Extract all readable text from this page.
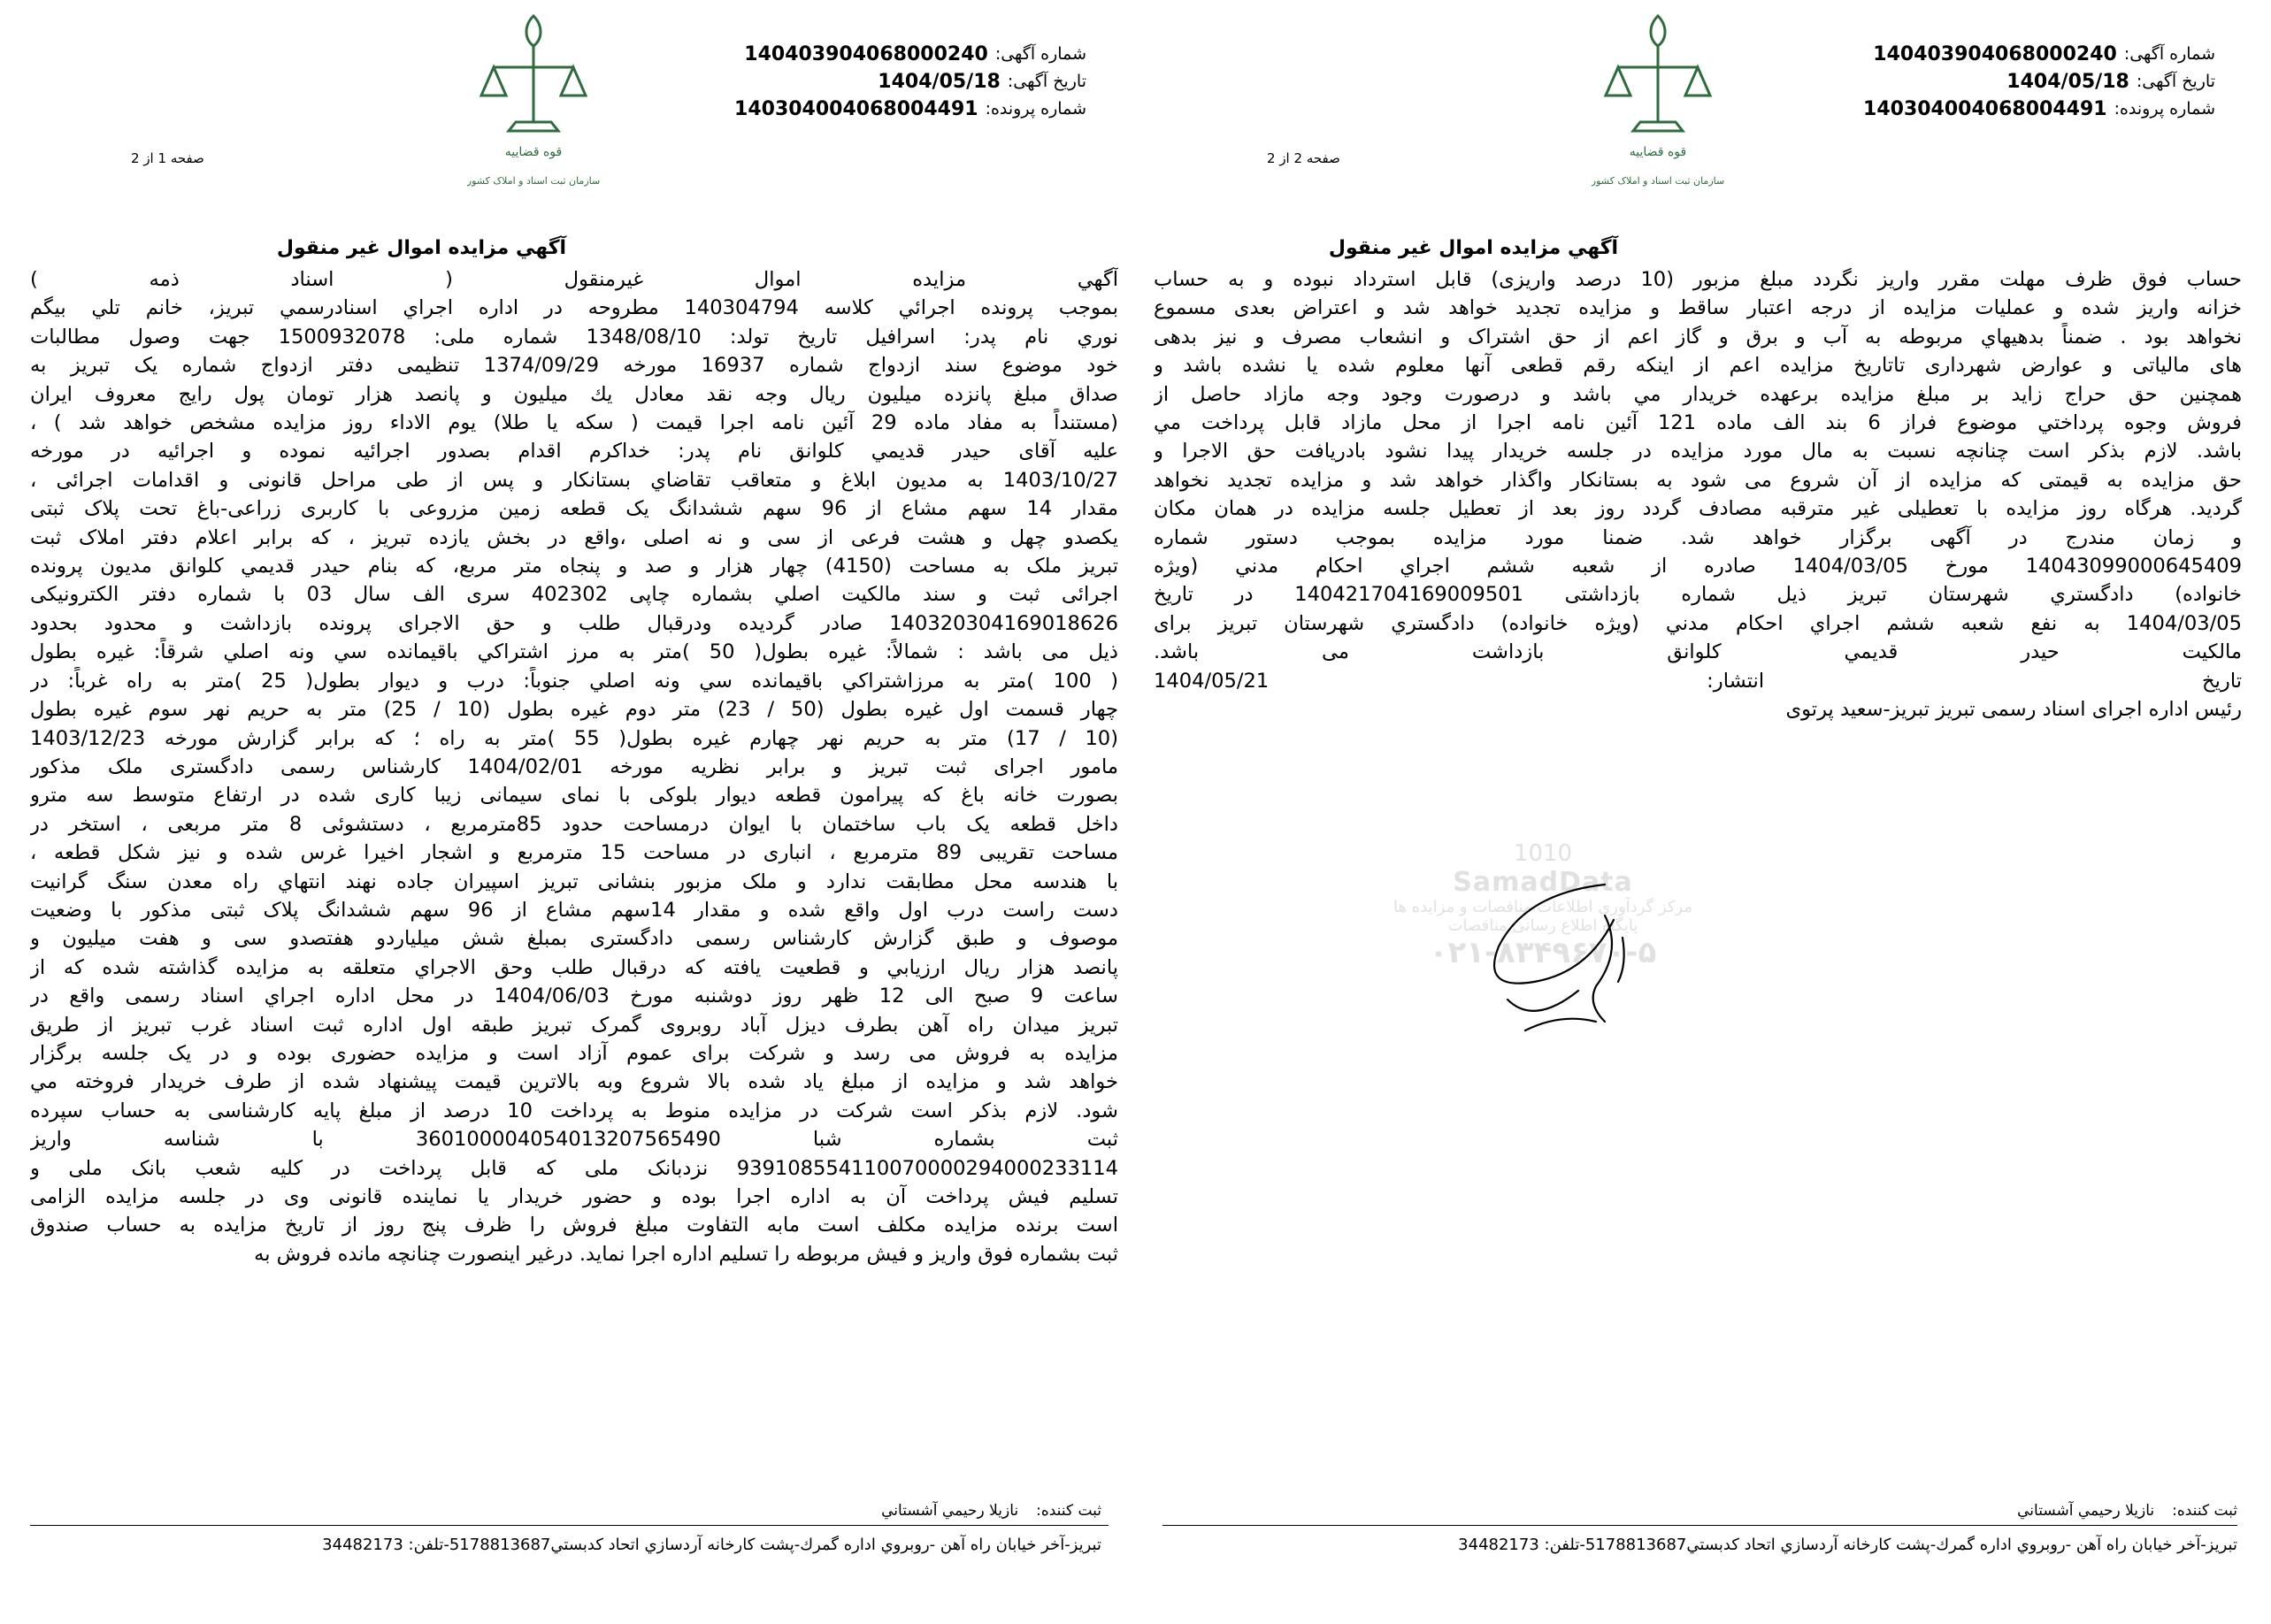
قوه قضاييه
سازمان ثبت اسناد و املاک کشور
شماره آگهی:
140403904068000240
تاريخ آگهی:
1404/05/18
شماره پرونده:
140304004068004491
صفحه 1 از 2
آگهي مزايده اموال غير منقول
آگهي مزايده اموال غيرمنقول ( اسناد ذمه )
بموجب پرونده اجرائي كلاسه 140304794 مطروحه در اداره اجراي اسنادرسمي تبريز، خانم تلي بيگم
نوري نام پدر: اسرافيل تاريخ تولد: 1348/08/10 شماره ملی: 1500932078 جهت وصول مطالبات
خود موضوع سند ازدواج شماره 16937 مورخه 1374/09/29 تنظيمی دفتر ازدواج شماره يک تبريز به
صداق مبلغ پانزده ميليون ريال وجه نقد معادل يك ميليون و پانصد هزار تومان پول رايج معروف ايران
(مستنداً به مفاد ماده 29 آئين نامه اجرا قيمت ( سكه يا طلا) يوم الاداء روز مزايده مشخص خواهد شد ) ،
عليه آقای حيدر قديمي كلوانق نام پدر: خداكرم اقدام بصدور اجرائيه نموده و اجرائيه در مورخه
1403/10/27 به مديون ابلاغ و متعاقب تقاضاي بستانكار و پس از طی مراحل قانونی و اقدامات اجرائی ،
مقدار 14 سهم مشاع از 96 سهم ششدانگ يک قطعه زمين مزروعی با کاربری زراعی-باغ تحت پلاک ثبتی
يکصدو چهل و هشت فرعی از سی و نه اصلی ،واقع در بخش يازده تبريز ، که برابر اعلام دفتر املاک ثبت
تبريز ملک به مساحت (4150) چهار هزار و صد و پنجاه متر مربع، که بنام حيدر قديمي كلوانق مديون پرونده
اجرائی ثبت و سند مالكيت اصلي بشماره چاپی 402302 سری الف سال 03 با شماره دفتر الکترونيکی
140320304169018626 صادر گرديده ودرقبال طلب و حق الاجرای پرونده بازداشت و محدود بحدود
ذيل می باشد : شمالاً: غيره بطول( 50 )متر به مرز اشتراکي باقيمانده سي ونه اصلي شرقاً: غيره بطول
( 100 )متر به مرزاشتراکي باقيمانده سي ونه اصلي جنوباً: درب و ديوار بطول( 25 )متر به راه غرباً: در
چهار قسمت اول غيره بطول (50 / 23) متر دوم غيره بطول (10 / 25) متر به حريم نهر سوم غيره بطول
(10 / 17) متر به حريم نهر چهارم غيره بطول( 55 )متر به راه ؛ که برابر گزارش مورخه 1403/12/23
مامور اجرای ثبت تبريز و برابر نظريه مورخه 1404/02/01 کارشناس رسمی دادگستری ملک مذکور
بصورت خانه باغ که پيرامون قطعه ديوار بلوکی با نمای سيمانی زيبا کاری شده در ارتفاع متوسط سه مترو
داخل قطعه يک باب ساختمان با ايوان درمساحت حدود 85مترمربع ، دستشوئی 8 متر مربعی ، استخر در
مساحت تقريبی 89 مترمربع ، انباری در مساحت 15 مترمربع و اشجار اخيرا غرس شده و نيز شکل قطعه ،
با هندسه محل مطابقت ندارد و ملک مزبور بنشانی تبريز اسپيران جاده نهند انتهاي راه معدن سنگ گرانيت
دست راست درب اول واقع شده و مقدار 14سهم مشاع از 96 سهم ششدانگ پلاک ثبتی مذکور با وضعيت
موصوف و طبق گزارش کارشناس رسمی دادگستری بمبلغ شش ميلياردو هفتصدو سی و هفت ميليون و
پانصد هزار ريال ارزيابي و قطعيت يافته كه درقبال طلب وحق الاجراي متعلقه به مزايده گذاشته شده كه از
ساعت 9 صبح الی 12 ظهر روز دوشنبه مورخ 1404/06/03 در محل اداره اجراي اسناد رسمی واقع در
تبريز ميدان راه آهن بطرف ديزل آباد روبروی گمرک تبريز طبقه اول اداره ثبت اسناد غرب تبريز از طريق
مزايده به فروش می رسد و شرکت برای عموم آزاد است و مزايده حضوری بوده و در يک جلسه برگزار
خواهد شد و مزايده از مبلغ ياد شده بالا شروع وبه بالاترين قيمت پيشنهاد شده از طرف خريدار فروخته مي
شود. لازم بذكر است شرکت در مزايده منوط به پرداخت 10 درصد از مبلغ پايه کارشناسی به حساب سپرده
ثبت بشماره شبا 360100004054013207565490 با شناسه واريز
939108554110070000294000233114 نزدبانک ملی که قابل پرداخت در کليه شعب بانک ملی و
تسليم فيش پرداخت آن به اداره اجرا بوده و حضور خريدار يا نماينده قانونی وی در جلسه مزايده الزامی
است برنده مزايده مكلف است مابه التفاوت مبلغ فروش را ظرف پنج روز از تاريخ مزايده به حساب صندوق
ثبت بشماره فوق واريز و فيش مربوطه را تسليم اداره اجرا نمايد. درغير اينصورت چنانچه مانده فروش به
ثبت كننده:
نازيلا رحيمي آشستاني
تبريز-آخر خيابان راه آهن -روبروي اداره گمرك-پشت كارخانه آردسازي اتحاد كدبستي5178813687-تلفن: 34482173
قوه قضاييه
سازمان ثبت اسناد و املاک کشور
شماره آگهی:
140403904068000240
تاريخ آگهی:
1404/05/18
شماره پرونده:
140304004068004491
صفحه 2 از 2
آگهي مزايده اموال غير منقول
حساب فوق ظرف مهلت مقرر واريز نگردد مبلغ مزبور (10 درصد واريزی) قابل استرداد نبوده و به حساب
خزانه واريز شده و عمليات مزايده از درجه اعتبار ساقط و مزايده تجديد خواهد شد و اعتراض بعدی مسموع
نخواهد بود . ضمناً بدهيهاي مربوطه به آب و برق و گاز اعم از حق اشتراک و انشعاب مصرف و نيز بدهی
های مالياتی و عوارض شهرداری تاتاريخ مزايده اعم از اينكه رقم قطعی آنها معلوم شده يا نشده باشد و
همچنين حق حراج زايد بر مبلغ مزايده برعهده خريدار مي باشد و درصورت وجود وجه مازاد حاصل از
فروش وجوه پرداختي موضوع فراز 6 بند الف ماده 121 آئين نامه اجرا از محل مازاد قابل پرداخت مي
باشد. لازم بذکر است چنانچه نسبت به مال مورد مزايده در جلسه خريدار پيدا نشود بادريافت حق الاجرا و
حق مزايده به قيمتی که مزايده از آن شروع می شود به بستانکار واگذار خواهد شد و مزايده تجديد نخواهد
گرديد. هرگاه روز مزايده با تعطيلی غير مترقبه مصادف گردد روز بعد از تعطيل جلسه مزايده در همان مکان
و زمان مندرج در آگهی برگزار خواهد شد. ضمنا مورد مزايده بموجب دستور شماره
14043099000645409 مورخ 1404/03/05 صادره از شعبه ششم اجراي احكام مدني (ويژه
خانواده) دادگستري شهرستان تبريز ذيل شماره بازداشتی 140421704169009501 در تاريخ
1404/03/05 به نفع شعبه ششم اجراي احكام مدني (ويژه خانواده) دادگستري شهرستان تبريز برای
مالكيت حيدر قديمي كلوانق بازداشت می باشد.
تاريخ انتشار: 1404/05/21
رئيس اداره اجرای اسناد رسمی تبريز تبريز-سعيد پرتوی
1010
SamadData
مرکز گردآوری اطلاعات مناقصات و مزایده ها
پایگاه اطلاع رسانی مناقصات
۰۲۱-۸۳۴۹۶۷۰-۵
ثبت كننده:
نازيلا رحيمي آشستاني
تبريز-آخر خيابان راه آهن -روبروي اداره گمرك-پشت كارخانه آردسازي اتحاد كدبستي5178813687-تلفن: 34482173
